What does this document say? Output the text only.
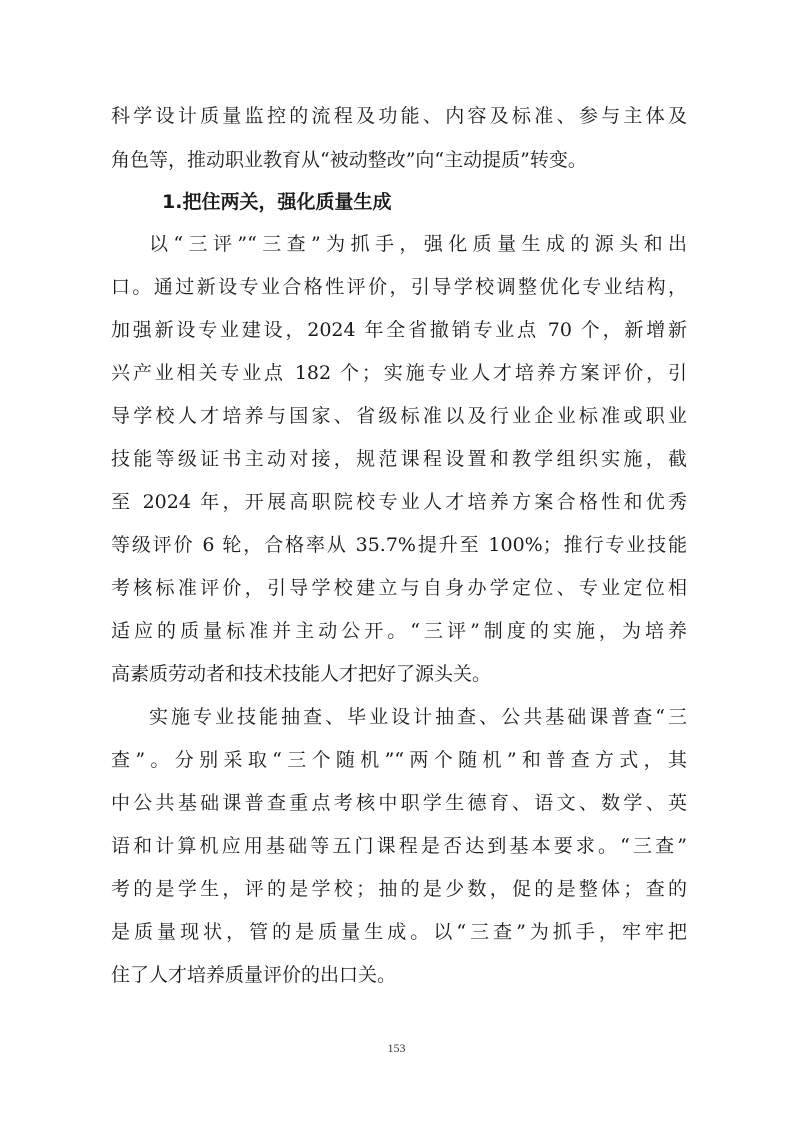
科学设计质量监控的流程及功能、内容及标准、参与主体及
角色等，推动职业教育从“被动整改”向“主动提质”转变。
1.把住两关，强化质量生成
以“三评”“三查”为抓手，强化质量生成的源头和出
口。通过新设专业合格性评价，引导学校调整优化专业结构，
加强新设专业建设，2024 年全省撤销专业点 70 个，新增新
兴产业相关专业点 182 个；实施专业人才培养方案评价，引
导学校人才培养与国家、省级标准以及行业企业标准或职业
技能等级证书主动对接，规范课程设置和教学组织实施，截
至 2024 年，开展高职院校专业人才培养方案合格性和优秀
等级评价 6 轮，合格率从 35.7%提升至 100%；推行专业技能
考核标准评价，引导学校建立与自身办学定位、专业定位相
适应的质量标准并主动公开。“三评”制度的实施，为培养
高素质劳动者和技术技能人才把好了源头关。
实施专业技能抽查、毕业设计抽查、公共基础课普查“三
查”。分别采取“三个随机”“两个随机”和普查方式，其
中公共基础课普查重点考核中职学生德育、语文、数学、英
语和计算机应用基础等五门课程是否达到基本要求。“三查”
考的是学生，评的是学校；抽的是少数，促的是整体；查的
是质量现状，管的是质量生成。以“三查”为抓手，牢牢把
住了人才培养质量评价的出口关。
153
